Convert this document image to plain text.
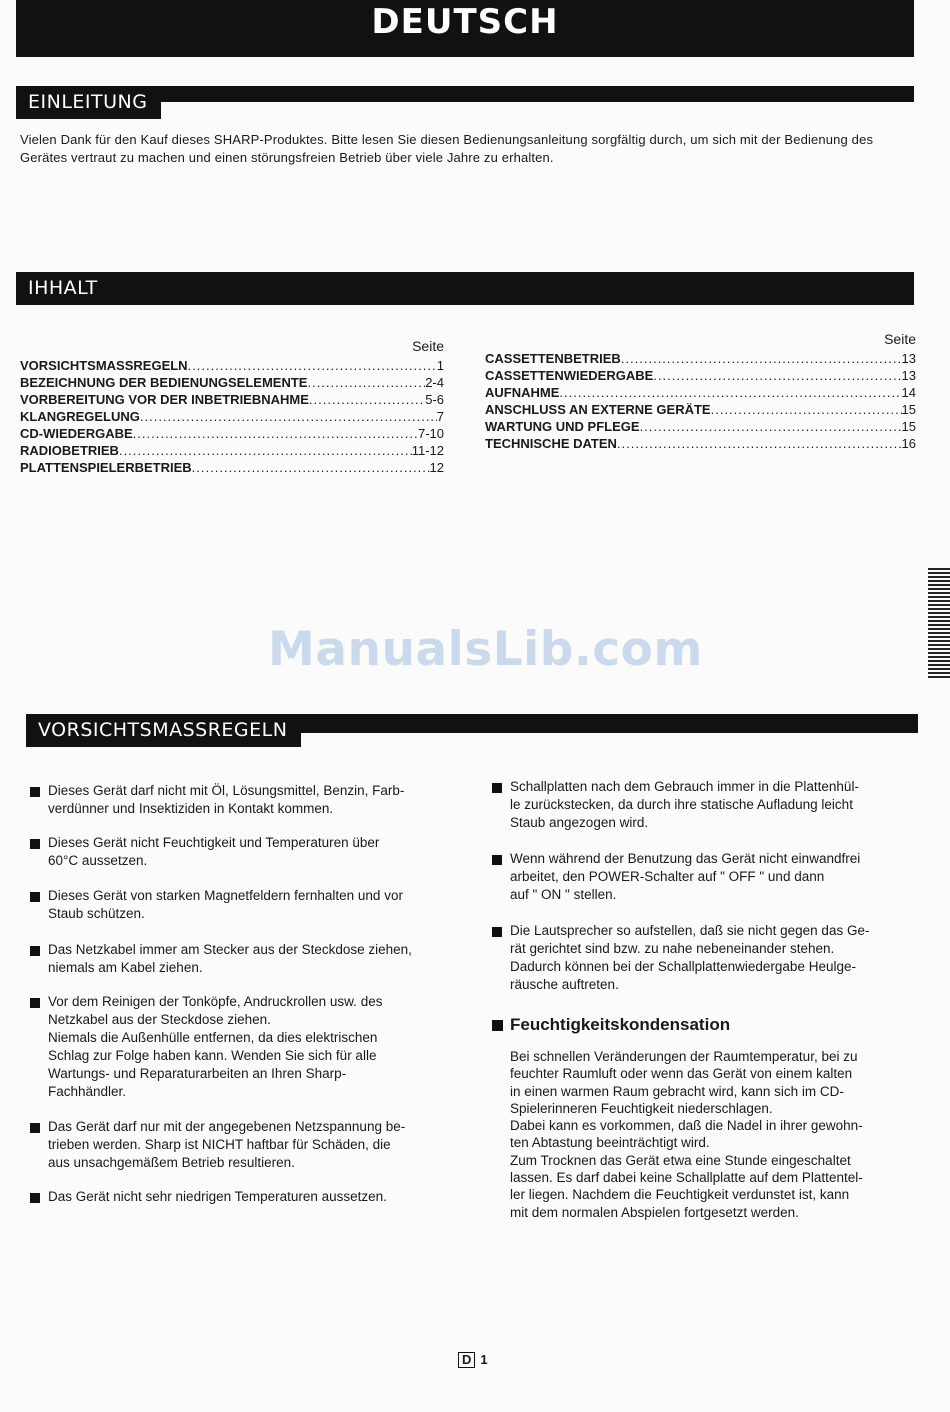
DEUTSCH
EINLEITUNG
Vielen Dank für den Kauf dieses SHARP-Produktes. Bitte lesen Sie diesen Bedienungsanleitung sorgfältig durch, um sich mit der Bedienung des Gerätes vertraut zu machen und einen störungsfreien Betrieb über viele Jahre zu erhalten.
IHHALT
Seite
VORSICHTSMASSREGELN .....	1
BEZEICHNUNG DER BEDIENUNGSELEMENTE .....	2-4
VORBEREITUNG VOR DER INBETRIEBNAHME .....	5-6
KLANGREGELUNG .....	7
CD-WIEDERGABE .....	7-10
RADIOBETRIEB .....	11-12
PLATTENSPIELERBETRIEB .....	12
Seite
CASSETTENBETRIEB .....	13
CASSETTENWIEDERGABE .....	13
AUFNAHME .....	14
ANSCHLUSS AN EXTERNE GERÄTE .....	15
WARTUNG UND PFLEGE .....	15
TECHNISCHE DATEN .....	16
ManualsLib.com
VORSICHTSMASSREGELN
Dieses Gerät darf nicht mit Öl, Lösungsmittel, Benzin, Farb-
verdünner und Insektiziden in Kontakt kommen.
Dieses Gerät nicht Feuchtigkeit und Temperaturen über
60°C aussetzen.
Dieses Gerät von starken Magnetfeldern fernhalten und vor
Staub schützen.
Das Netzkabel immer am Stecker aus der Steckdose ziehen,
niemals am Kabel ziehen.
Vor dem Reinigen der Tonköpfe, Andruckrollen usw. des
Netzkabel aus der Steckdose ziehen.
Niemals die Außenhülle entfernen, da dies elektrischen
Schlag zur Folge haben kann. Wenden Sie sich für alle
Wartungs- und Reparaturarbeiten an Ihren Sharp-
Fachhändler.
Das Gerät darf nur mit der angegebenen Netzspannung be-
trieben werden. Sharp ist NICHT haftbar für Schäden, die
aus unsachgemäßem Betrieb resultieren.
Das Gerät nicht sehr niedrigen Temperaturen aussetzen.
Schallplatten nach dem Gebrauch immer in die Plattenhül-
le zurückstecken, da durch ihre statische Aufladung leicht
Staub angezogen wird.
Wenn während der Benutzung das Gerät nicht einwandfrei
arbeitet, den POWER-Schalter auf " OFF " und dann
auf " ON " stellen.
Die Lautsprecher so aufstellen, daß sie nicht gegen das Ge-
rät gerichtet sind bzw. zu nahe nebeneinander stehen.
Dadurch können bei der Schallplattenwiedergabe Heulge-
räusche auftreten.
Feuchtigkeitskondensation
Bei schnellen Veränderungen der Raumtemperatur, bei zu
feuchter Raumluft oder wenn das Gerät von einem kalten
in einen warmen Raum gebracht wird, kann sich im CD-
Spielerinneren Feuchtigkeit niederschlagen.
Dabei kann es vorkommen, daß die Nadel in ihrer gewohn-
ten Abtastung beeinträchtigt wird.
Zum Trocknen das Gerät etwa eine Stunde eingeschaltet
lassen. Es darf dabei keine Schallplatte auf dem Plattentel-
ler liegen. Nachdem die Feuchtigkeit verdunstet ist, kann
mit dem normalen Abspielen fortgesetzt werden.
D 1
